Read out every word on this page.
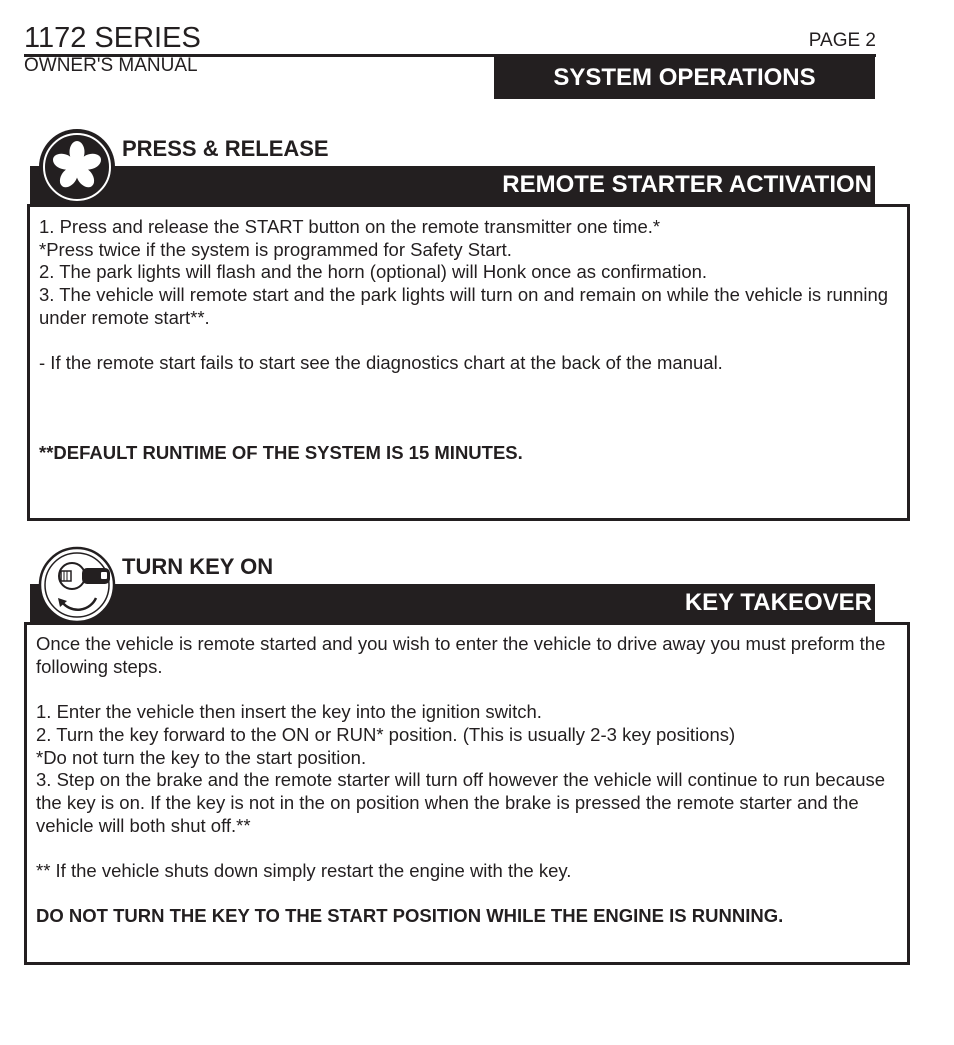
1172 SERIES	PAGE 2
OWNER'S MANUAL	SYSTEM OPERATIONS
PRESS & RELEASE
REMOTE STARTER ACTIVATION
1. Press and release the START button on the remote transmitter one time.*
*Press twice if the system is programmed for Safety Start.
2. The park lights will flash and the horn (optional) will Honk once as confirmation.
3. The vehicle will remote start and the park lights will turn on and remain on while the vehicle is running under remote start**.

- If the remote start fails to start see the diagnostics chart at the back of the manual.
**DEFAULT RUNTIME OF THE SYSTEM IS 15 MINUTES.
TURN KEY ON
KEY TAKEOVER
Once the vehicle is remote started and you wish to enter the vehicle to drive away you must preform the following steps.

1. Enter the vehicle then insert the key into the ignition switch.
2. Turn the key forward to the ON or RUN* position. (This is usually 2-3 key positions)
*Do not turn the key to the start position.
3. Step on the brake and the remote starter will turn off however the vehicle will continue to run because the key is on. If the key is not in the on position when the brake is pressed the remote starter and the vehicle will both shut off.**

** If the vehicle shuts down simply restart the engine with the key.
DO NOT TURN THE KEY TO THE START POSITION WHILE THE ENGINE IS RUNNING.
